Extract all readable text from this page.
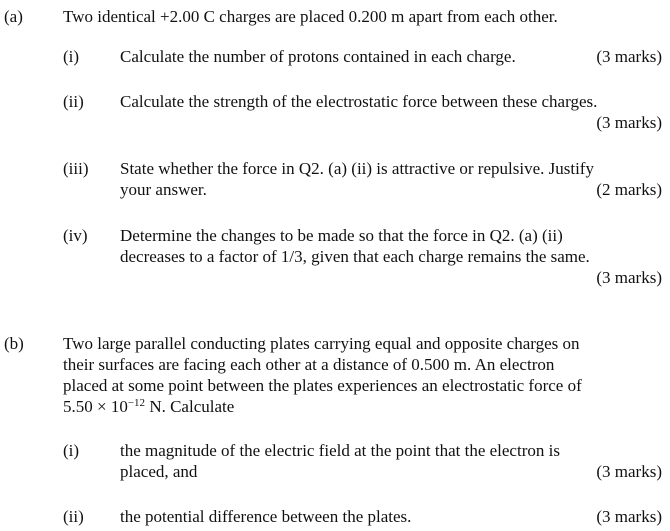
(a) Two identical +2.00 C charges are placed 0.200 m apart from each other.
(i) Calculate the number of protons contained in each charge.	(3 marks)
(ii) Calculate the strength of the electrostatic force between these charges.
(3 marks)
(iii) State whether the force in Q2. (a) (ii) is attractive or repulsive. Justify
your answer.	(2 marks)
(iv) Determine the changes to be made so that the force in Q2. (a) (ii)
decreases to a factor of 1/3, given that each charge remains the same.
(3 marks)
(b) Two large parallel conducting plates carrying equal and opposite charges on
their surfaces are facing each other at a distance of 0.500 m. An electron
placed at some point between the plates experiences an electrostatic force of
$5.50 \times 10^{-12}$ N. Calculate
(i) the magnitude of the electric field at the point that the electron is
placed, and	(3 marks)
(ii) the potential difference between the plates.	(3 marks)
